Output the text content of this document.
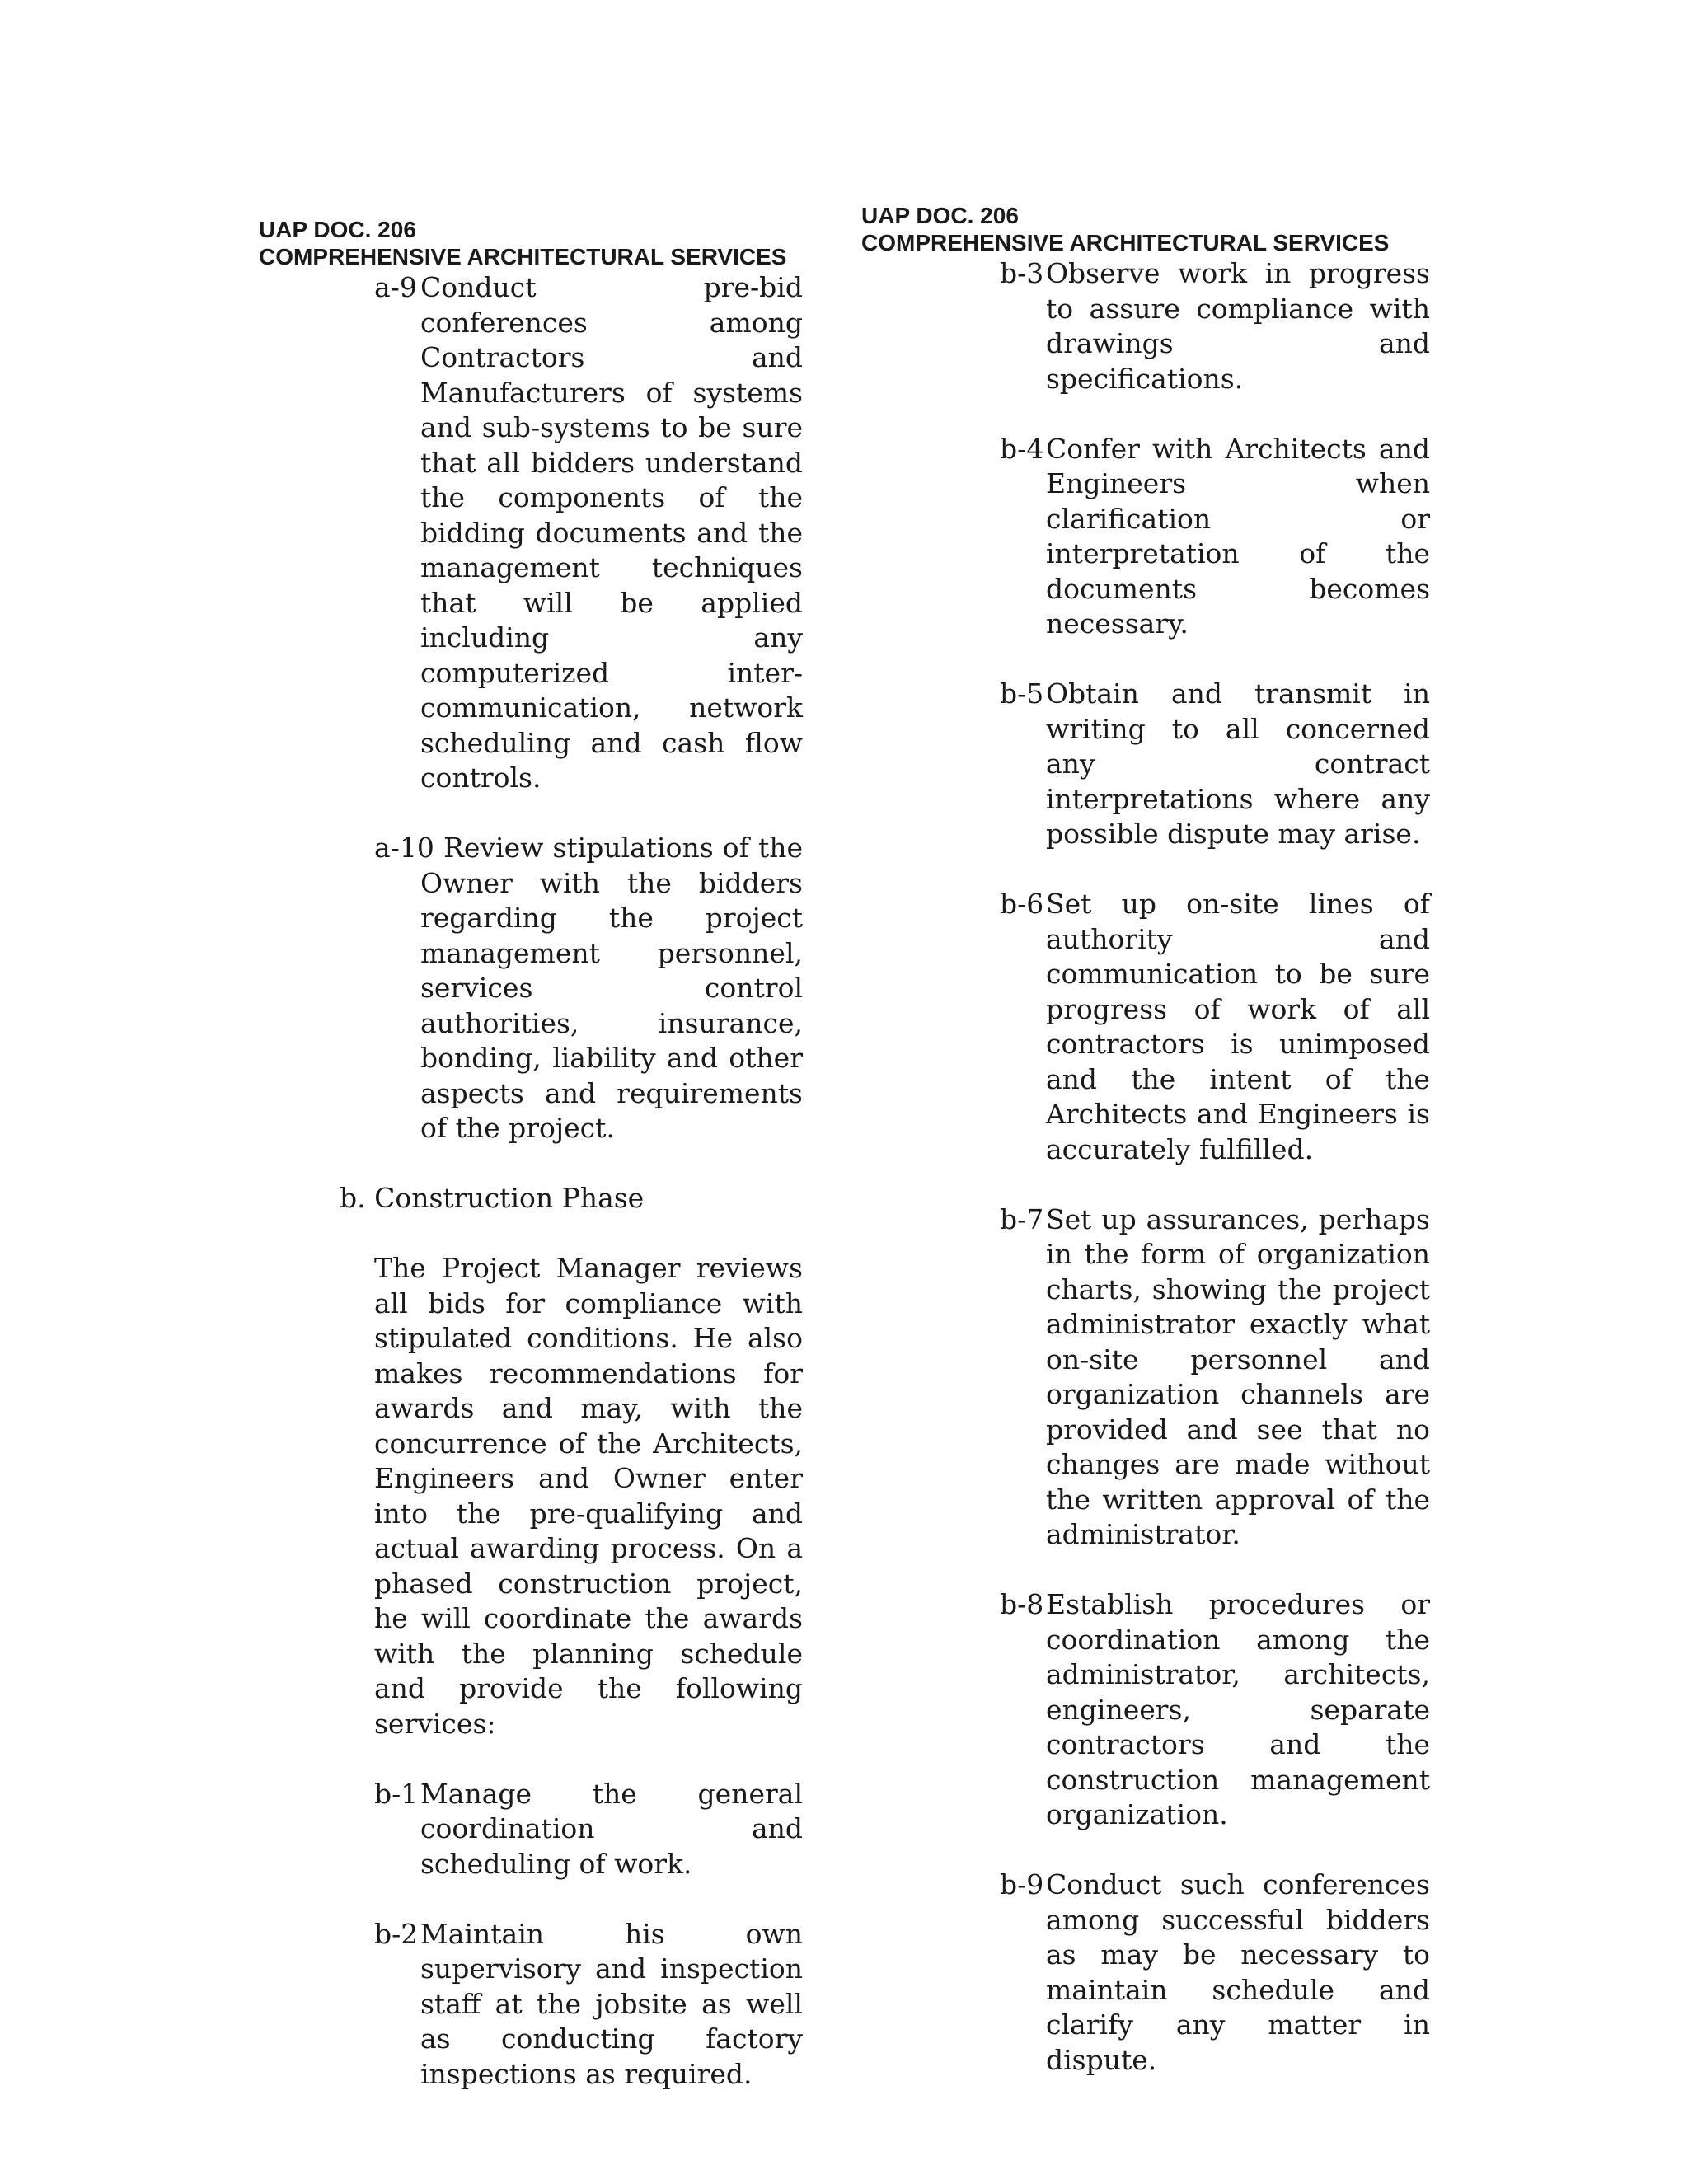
UAP DOC. 206

COMPREHENSIVE ARCHITECTURAL SERVICES

a-9 Conduct pre-bid conferences among Contractors and Manufacturers of systems and sub-systems to be sure that all bidders understand the components of the bidding documents and the management techniques that will be applied including any computerized inter-communication, network scheduling and cash flow controls.
a-10 Review stipulations of the Owner with the bidders regarding the project management personnel, services control authorities, insurance, bonding, liability and other aspects and requirements of the project.

b. Construction Phase

The Project Manager reviews all bids for compliance with stipulated conditions. He also makes recommendations for awards and may, with the concurrence of the Architects, Engineers and Owner enter into the pre-qualifying and actual awarding process. On a phased construction project, he will coordinate the awards with the planning schedule and provide the following services:

b-1 Manage the general coordination and scheduling of work.
b-2 Maintain his own supervisory and inspection staff at the jobsite as well as conducting factory inspections as required.

UAP DOC. 206

COMPREHENSIVE ARCHITECTURAL SERVICES

b-3 Observe work in progress to assure compliance with drawings and specifications.
b-4 Confer with Architects and Engineers when clarification or interpretation of the documents becomes necessary.
b-5 Obtain and transmit in writing to all concerned any contract interpretations where any possible dispute may arise.
b-6 Set up on-site lines of authority and communication to be sure progress of work of all contractors is unimposed and the intent of the Architects and Engineers is accurately fulfilled.
b-7 Set up assurances, perhaps in the form of organization charts, showing the project administrator exactly what on-site personnel and organization channels are provided and see that no changes are made without the written approval of the administrator.
b-8 Establish procedures or coordination among the administrator, architects, engineers, separate contractors and the construction management organization.
b-9 Conduct such conferences among successful bidders as may be necessary to maintain schedule and clarify any matter in dispute.
